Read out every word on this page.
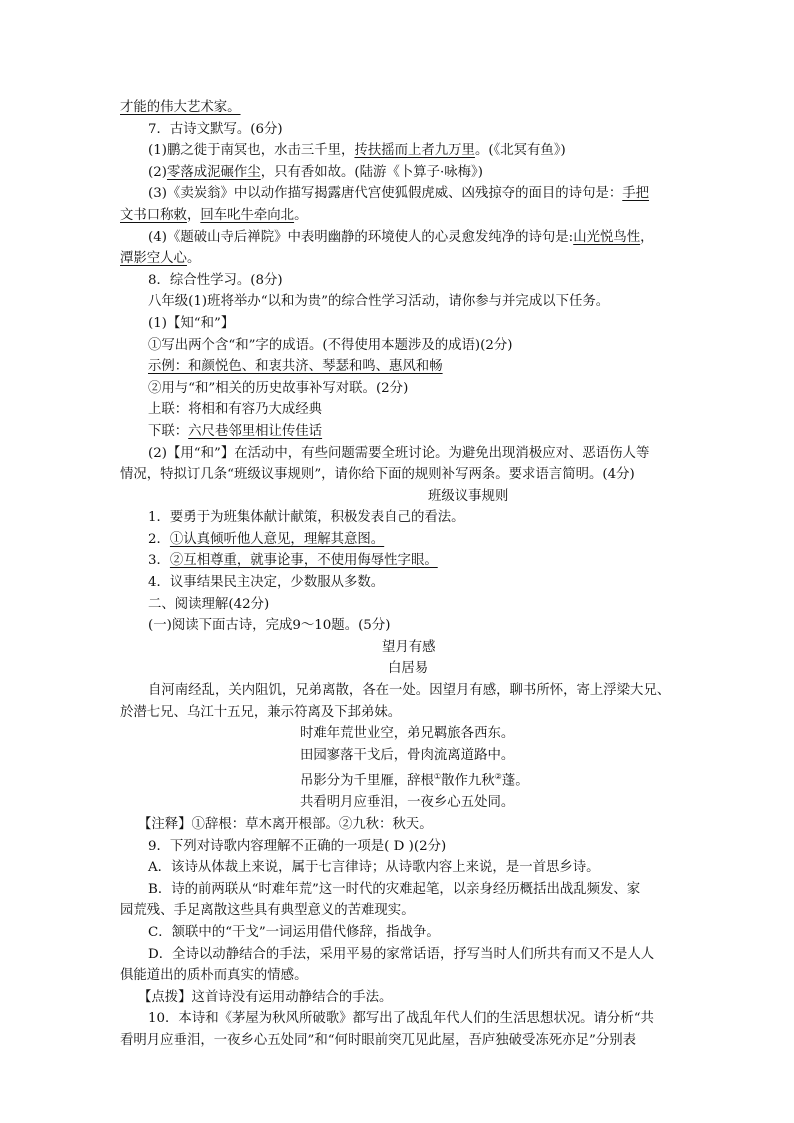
才能的伟大艺术家。
7．古诗文默写。(6分)
(1)鹏之徙于南冥也，水击三千里，抟扶摇而上者九万里。(《北冥有鱼》)
(2)零落成泥碾作尘，只有香如故。(陆游《卜算子·咏梅》)
(3)《卖炭翁》中以动作描写揭露唐代宫使狐假虎威、凶残掠夺的面目的诗句是：手把
文书口称敕，回车叱牛牵向北。
(4)《题破山寺后禅院》中表明幽静的环境使人的心灵愈发纯净的诗句是:山光悦鸟性，
潭影空人心。
8．综合性学习。(8分)
八年级(1)班将举办“以和为贵”的综合性学习活动，请你参与并完成以下任务。
(1)【知“和”】
①写出两个含“和”字的成语。(不得使用本题涉及的成语)(2分)
示例：和颜悦色、和衷共济、琴瑟和鸣、惠风和畅
②用与“和”相关的历史故事补写对联。(2分)
上联：将相和有容乃大成经典
下联：六尺巷邻里相让传佳话
(2)【用“和”】在活动中，有些问题需要全班讨论。为避免出现消极应对、恶语伤人等
情况，特拟订几条“班级议事规则”，请你给下面的规则补写两条。要求语言简明。(4分)
班级议事规则
1．要勇于为班集体献计献策，积极发表自己的看法。
2．①认真倾听他人意见，理解其意图。
3．②互相尊重，就事论事，不使用侮辱性字眼。
4．议事结果民主决定，少数服从多数。
二、阅读理解(42分)
(一)阅读下面古诗，完成9～10题。(5分)
望月有感
白居易
自河南经乱，关内阻饥，兄弟离散，各在一处。因望月有感，聊书所怀，寄上浮梁大兄、
於潜七兄、乌江十五兄，兼示符离及下邽弟妹。
时难年荒世业空，弟兄羁旅各西东。
田园寥落干戈后，骨肉流离道路中。
吊影分为千里雁，辞根①散作九秋②蓬。
共看明月应垂泪，一夜乡心五处同。
【注释】①辞根：草木离开根部。②九秋：秋天。
9．下列对诗歌内容理解不正确的一项是( D )(2分)
A．该诗从体裁上来说，属于七言律诗；从诗歌内容上来说，是一首思乡诗。
B．诗的前两联从“时难年荒”这一时代的灾难起笔，以亲身经历概括出战乱频发、家
园荒残、手足离散这些具有典型意义的苦难现实。
C．颔联中的“干戈”一词运用借代修辞，指战争。
D．全诗以动静结合的手法，采用平易的家常话语，抒写当时人们所共有而又不是人人
俱能道出的质朴而真实的情感。
【点拨】这首诗没有运用动静结合的手法。
10．本诗和《茅屋为秋风所破歌》都写出了战乱年代人们的生活思想状况。请分析“共
看明月应垂泪，一夜乡心五处同”和“何时眼前突兀见此屋，吾庐独破受冻死亦足”分别表
